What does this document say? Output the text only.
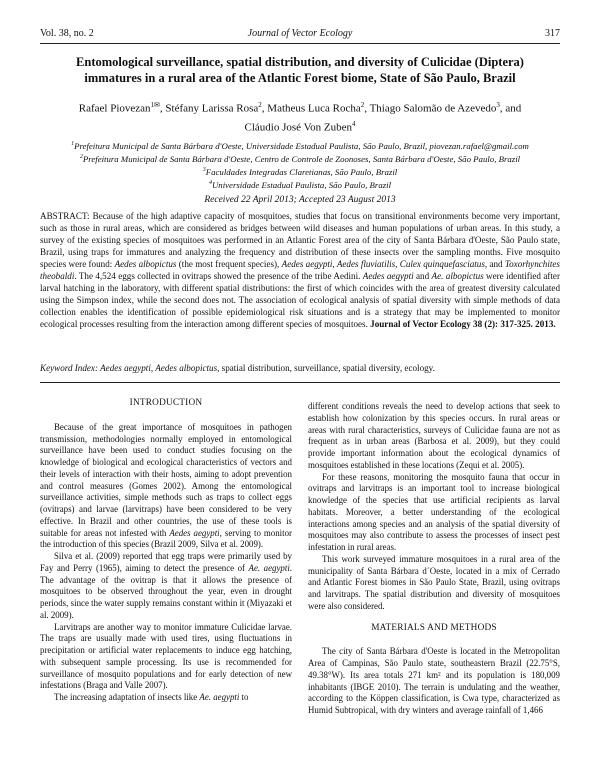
Vol. 38, no. 2	Journal of Vector Ecology	317
Entomological surveillance, spatial distribution, and diversity of Culicidae (Diptera)
immatures in a rural area of the Atlantic Forest biome, State of São Paulo, Brazil
Rafael Piovezan$^{1✉}$, Stéfany Larissa Rosa$^2$, Matheus Luca Rocha$^2$, Thiago Salomão de Azevedo$^3$, and
Cláudio José Von Zuben$^4$
$^1$Prefeitura Municipal de Santa Bárbara d'Oeste, Universidade Estadual Paulista, São Paulo, Brazil, piovezan.rafael@gmail.com
$^2$Prefeitura Municipal de Santa Bárbara d'Oeste, Centro de Controle de Zoonoses, Santa Bárbara d'Oeste, São Paulo, Brazil
$^3$Faculdades Integradas Claretianas, São Paulo, Brazil
$^4$Universidade Estadual Paulista, São Paulo, Brazil
Received 22 April 2013; Accepted 23 August 2013
ABSTRACT: Because of the high adaptive capacity of mosquitoes, studies that focus on transitional environments become very important, such as those in rural areas, which are considered as bridges between wild diseases and human populations of urban areas. In this study, a survey of the existing species of mosquitoes was performed in an Atlantic Forest area of the city of Santa Bárbara d'Oeste, São Paulo state, Brazil, using traps for immatures and analyzing the frequency and distribution of these insects over the sampling months. Five mosquito species were found: Aedes albopictus (the most frequent species), Aedes aegypti, Aedes fluviatilis, Culex quinquefasciatus, and Toxorhynchites theobaldi. The 4,524 eggs collected in ovitraps showed the presence of the tribe Aedini. Aedes aegypti and Ae. albopictus were identified after larval hatching in the laboratory, with different spatial distributions: the first of which coincides with the area of greatest diversity calculated using the Simpson index, while the second does not. The association of ecological analysis of spatial diversity with simple methods of data collection enables the identification of possible epidemiological risk situations and is a strategy that may be implemented to monitor ecological processes resulting from the interaction among different species of mosquitoes. Journal of Vector Ecology 38 (2): 317-325. 2013.
Keyword Index: Aedes aegypti, Aedes albopictus, spatial distribution, surveillance, spatial diversity, ecology.
INTRODUCTION

Because of the great importance of mosquitoes in pathogen transmission, methodologies normally employed in entomological surveillance have been used to conduct studies focusing on the knowledge of biological and ecological characteristics of vectors and their levels of interaction with their hosts, aiming to adopt prevention and control measures (Gomes 2002). Among the entomological surveillance activities, simple methods such as traps to collect eggs (ovitraps) and larvae (larvitraps) have been considered to be very effective. In Brazil and other countries, the use of these tools is suitable for areas not infested with Aedes aegypti, serving to monitor the introduction of this species (Brazil 2009, Silva et al. 2009).

Silva et al. (2009) reported that egg traps were primarily used by Fay and Perry (1965), aiming to detect the presence of Ae. aegypti. The advantage of the ovitrap is that it allows the presence of mosquitoes to be observed throughout the year, even in drought periods, since the water supply remains constant within it (Miyazaki et al. 2009).

Larvitraps are another way to monitor immature Culicidae larvae. The traps are usually made with used tires, using fluctuations in precipitation or artificial water replacements to induce egg hatching, with subsequent sample processing. Its use is recommended for surveillance of mosquito populations and for early detection of new infestations (Braga and Valle 2007).

The increasing adaptation of insects like Ae. aegypti to

different conditions reveals the need to develop actions that seek to establish how colonization by this species occurs. In rural areas or areas with rural characteristics, surveys of Culicidae fauna are not as frequent as in urban areas (Barbosa et al. 2009), but they could provide important information about the ecological dynamics of mosquitoes established in these locations (Zequi et al. 2005).

For these reasons, monitoring the mosquito fauna that occur in ovitraps and larvitraps is an important tool to increase biological knowledge of the species that use artificial recipients as larval habitats. Moreover, a better understanding of the ecological interactions among species and an analysis of the spatial diversity of mosquitoes may also contribute to assess the processes of insect pest infestation in rural areas.

This work surveyed immature mosquitoes in a rural area of the municipality of Santa Bárbara d´Oeste, located in a mix of Cerrado and Atlantic Forest biomes in São Paulo State, Brazil, using ovitraps and larvitraps. The spatial distribution and diversity of mosquitoes were also considered.

MATERIALS AND METHODS

The city of Santa Bárbara d'Oeste is located in the Metropolitan Area of Campinas, São Paulo state, southeastern Brazil (22.75°S, 49.38°W). Its area totals 271 km² and its population is 180,009 inhabitants (IBGE 2010). The terrain is undulating and the weather, according to the Köppen classification, is Cwa type, characterized as Humid Subtropical, with dry winters and average rainfall of 1,466
